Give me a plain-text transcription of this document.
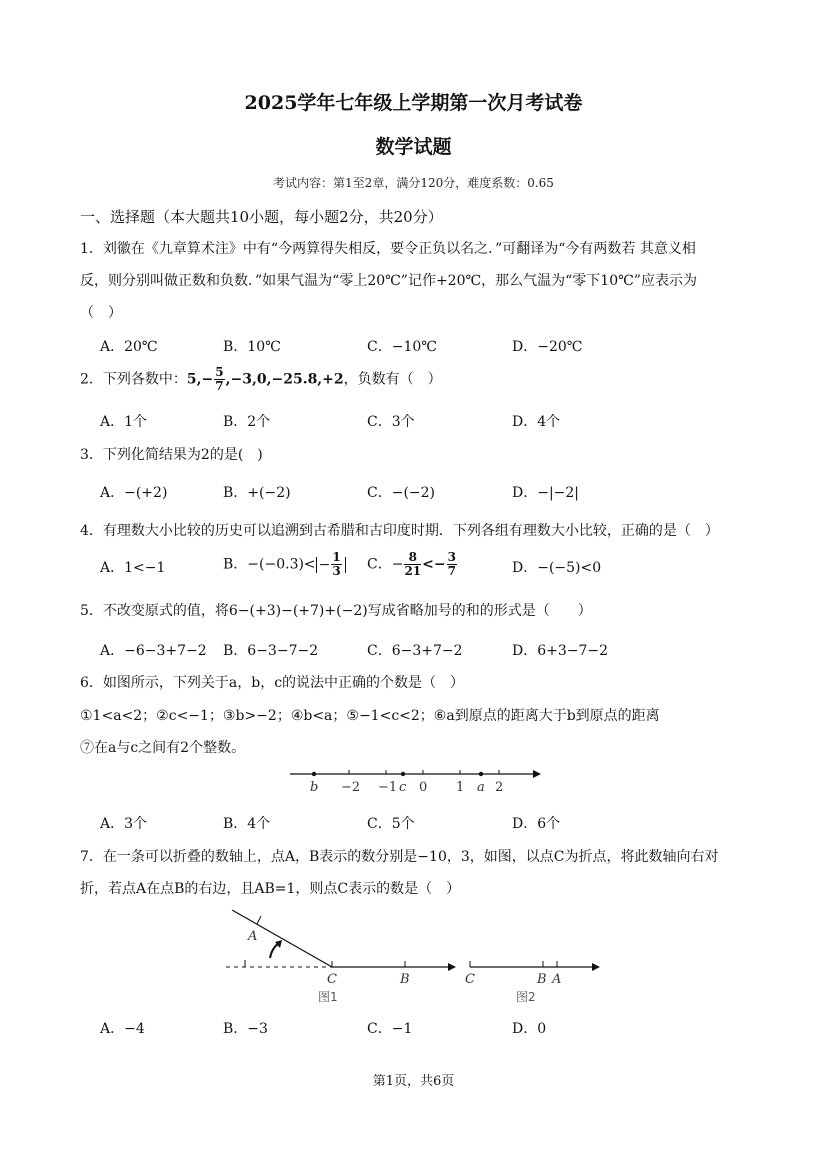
2025学年七年级上学期第一次月考试卷
数学试题
考试内容：第1至2章，满分120分，难度系数：0.65
一、选择题（本大题共10小题，每小题2分，共20分）
1．刘徽在《九章算术注》中有“今两算得失相反，要令正负以名之．”可翻译为“今有两数若 其意义相
反，则分别叫做正数和负数．”如果气温为“零上20℃”记作+20℃，那么气温为“零下10℃”应表示为
（　）
A．20℃	B．10℃	C．−10℃	D．−20℃
2．下列各数中：$5,- \frac{5}{7} ,-3,0,-25.8,+2$，负数有（　）
A．1个	B．2个	C．3个	D．4个
3．下列化简结果为2的是(　)
A．−(+2)	B．+(−2)	C．−(−2)	D．−|−2|
4．有理数大小比较的历史可以追溯到古希腊和古印度时期．下列各组有理数大小比较，正确的是（　）
A．1<−1	B．$-(-0.3)< - \frac{1}{3}$ C．− $\frac{8}{21} <- \frac{3}{7}$	D．−(−5)<0
5．不改变原式的值，将6−(+3)−(+7)+(−2)写成省略加号的和的形式是（　　）
A．−6−3+7−2 B．6−3−7−2	C．6−3+7−2	D．6+3−7−2
6．如图所示，下列关于a，b，c的说法中正确的个数是（　）
①1<a<2；②c<−1；③b>−2；④b<a；⑤−1<c<2；⑥a到原点的距离大于b到原点的距离
⑦在a与c之间有2个整数。
b −2 −1 c 0 1 a 2
A．3个	B．4个	C．5个	D．6个
7．在一条可以折叠的数轴上，点A，B表示的数分别是−10，3，如图，以点C为折点，将此数轴向右对
折，若点A在点B的右边，且AB=1，则点C表示的数是（　）
A
C	B
图1
C	B A
图2
A．−4	B．−3	C．−1	D．0
第1页，共6页
